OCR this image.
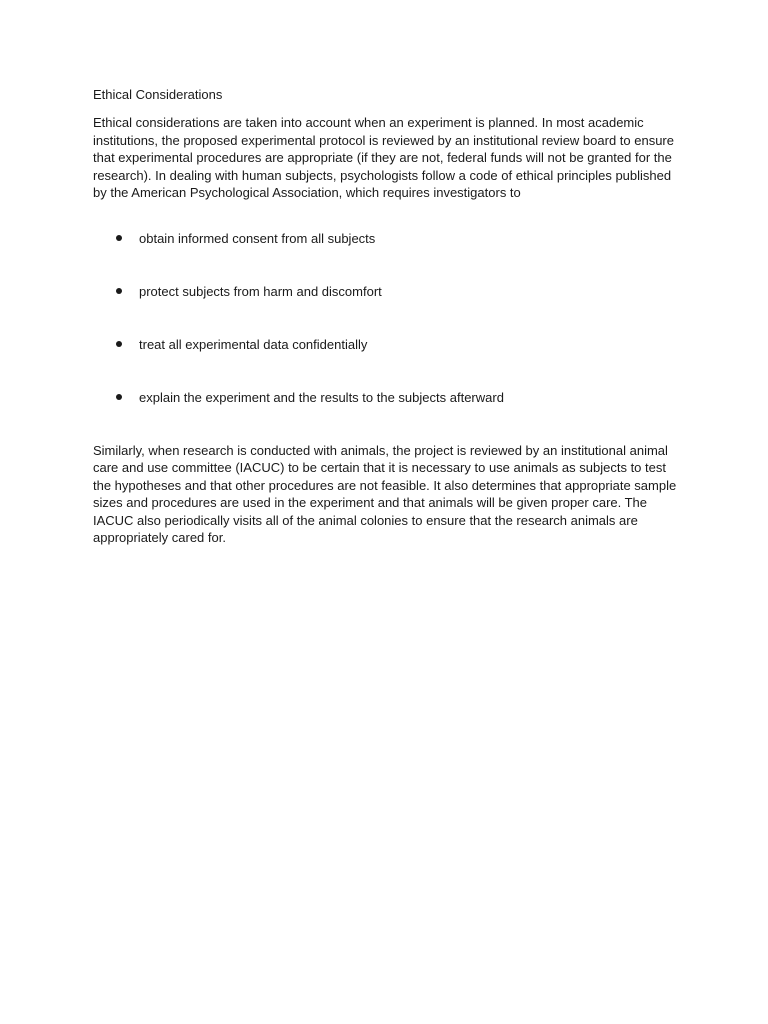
Ethical Considerations

Ethical considerations are taken into account when an experiment is planned. In most academic institutions, the proposed experimental protocol is reviewed by an institutional review board to ensure that experimental procedures are appropriate (if they are not, federal funds will not be granted for the research). In dealing with human subjects, psychologists follow a code of ethical principles published by the American Psychological Association, which requires investigators to

obtain informed consent from all subjects
protect subjects from harm and discomfort
treat all experimental data confidentially
explain the experiment and the results to the subjects afterward

Similarly, when research is conducted with animals, the project is reviewed by an institutional animal care and use committee (IACUC) to be certain that it is necessary to use animals as subjects to test the hypotheses and that other procedures are not feasible. It also determines that appropriate sample sizes and procedures are used in the experiment and that animals will be given proper care. The IACUC also periodically visits all of the animal colonies to ensure that the research animals are appropriately cared for.
